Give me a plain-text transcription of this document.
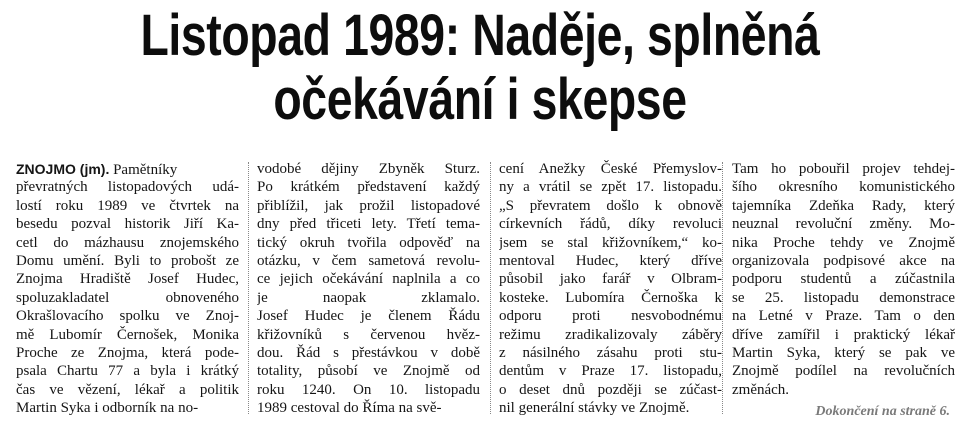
Listopad 1989: Naděje, splněná
očekávání i skepse
ZNOJMO (jm). Pamětníky
převratných listopadových udá-
lostí roku 1989 ve čtvrtek na
besedu pozval historik Jiří Ka-
cetl do mázhausu znojemského
Domu umění. Byli to probošt ze
Znojma Hradiště Josef Hudec,
spoluzakladatel obnoveného
Okrašlovacího spolku ve Znoj-
mě Lubomír Černošek, Monika
Proche ze Znojma, která pode-
psala Chartu 77 a byla i krátký
čas ve vězení, lékař a politik
Martin Syka i odborník na no-
vodobé dějiny Zbyněk Sturz.
Po krátkém představení každý
přiblížil, jak prožil listopadové
dny před třiceti lety. Třetí tema-
tický okruh tvořila odpověď na
otázku, v čem sametová revolu-
ce jejich očekávání naplnila a co
je naopak zklamalo.
Josef Hudec je členem Řádu
křižovníků s červenou hvěz-
dou. Řád s přestávkou v době
totality, působí ve Znojmě od
roku 1240. On 10. listopadu
1989 cestoval do Říma na svě-
cení Anežky České Přemyslov-
ny a vrátil se zpět 17. listopadu.
„S převratem došlo k obnově
církevních řádů, díky revoluci
jsem se stal křižovníkem,“ ko-
mentoval Hudec, který dříve
působil jako farář v Olbram-
kosteke. Lubomíra Černoška k
odporu proti nesvobodnému
režimu zradikalizovaly záběry
z násilného zásahu proti stu-
dentům v Praze 17. listopadu,
o deset dnů později se zúčast-
nil generální stávky ve Znojmě.
Tam ho pobouřil projev tehdej-
šího okresního komunistického
tajemníka Zdeňka Rady, který
neuznal revoluční změny. Mo-
nika Proche tehdy ve Znojmě
organizovala podpisové akce na
podporu studentů a zúčastnila
se 25. listopadu demonstrace
na Letné v Praze. Tam o den
dříve zamířil i praktický lékař
Martin Syka, který se pak ve
Znojmě podílel na revolučních
změnách.
Dokončení na straně 6.
